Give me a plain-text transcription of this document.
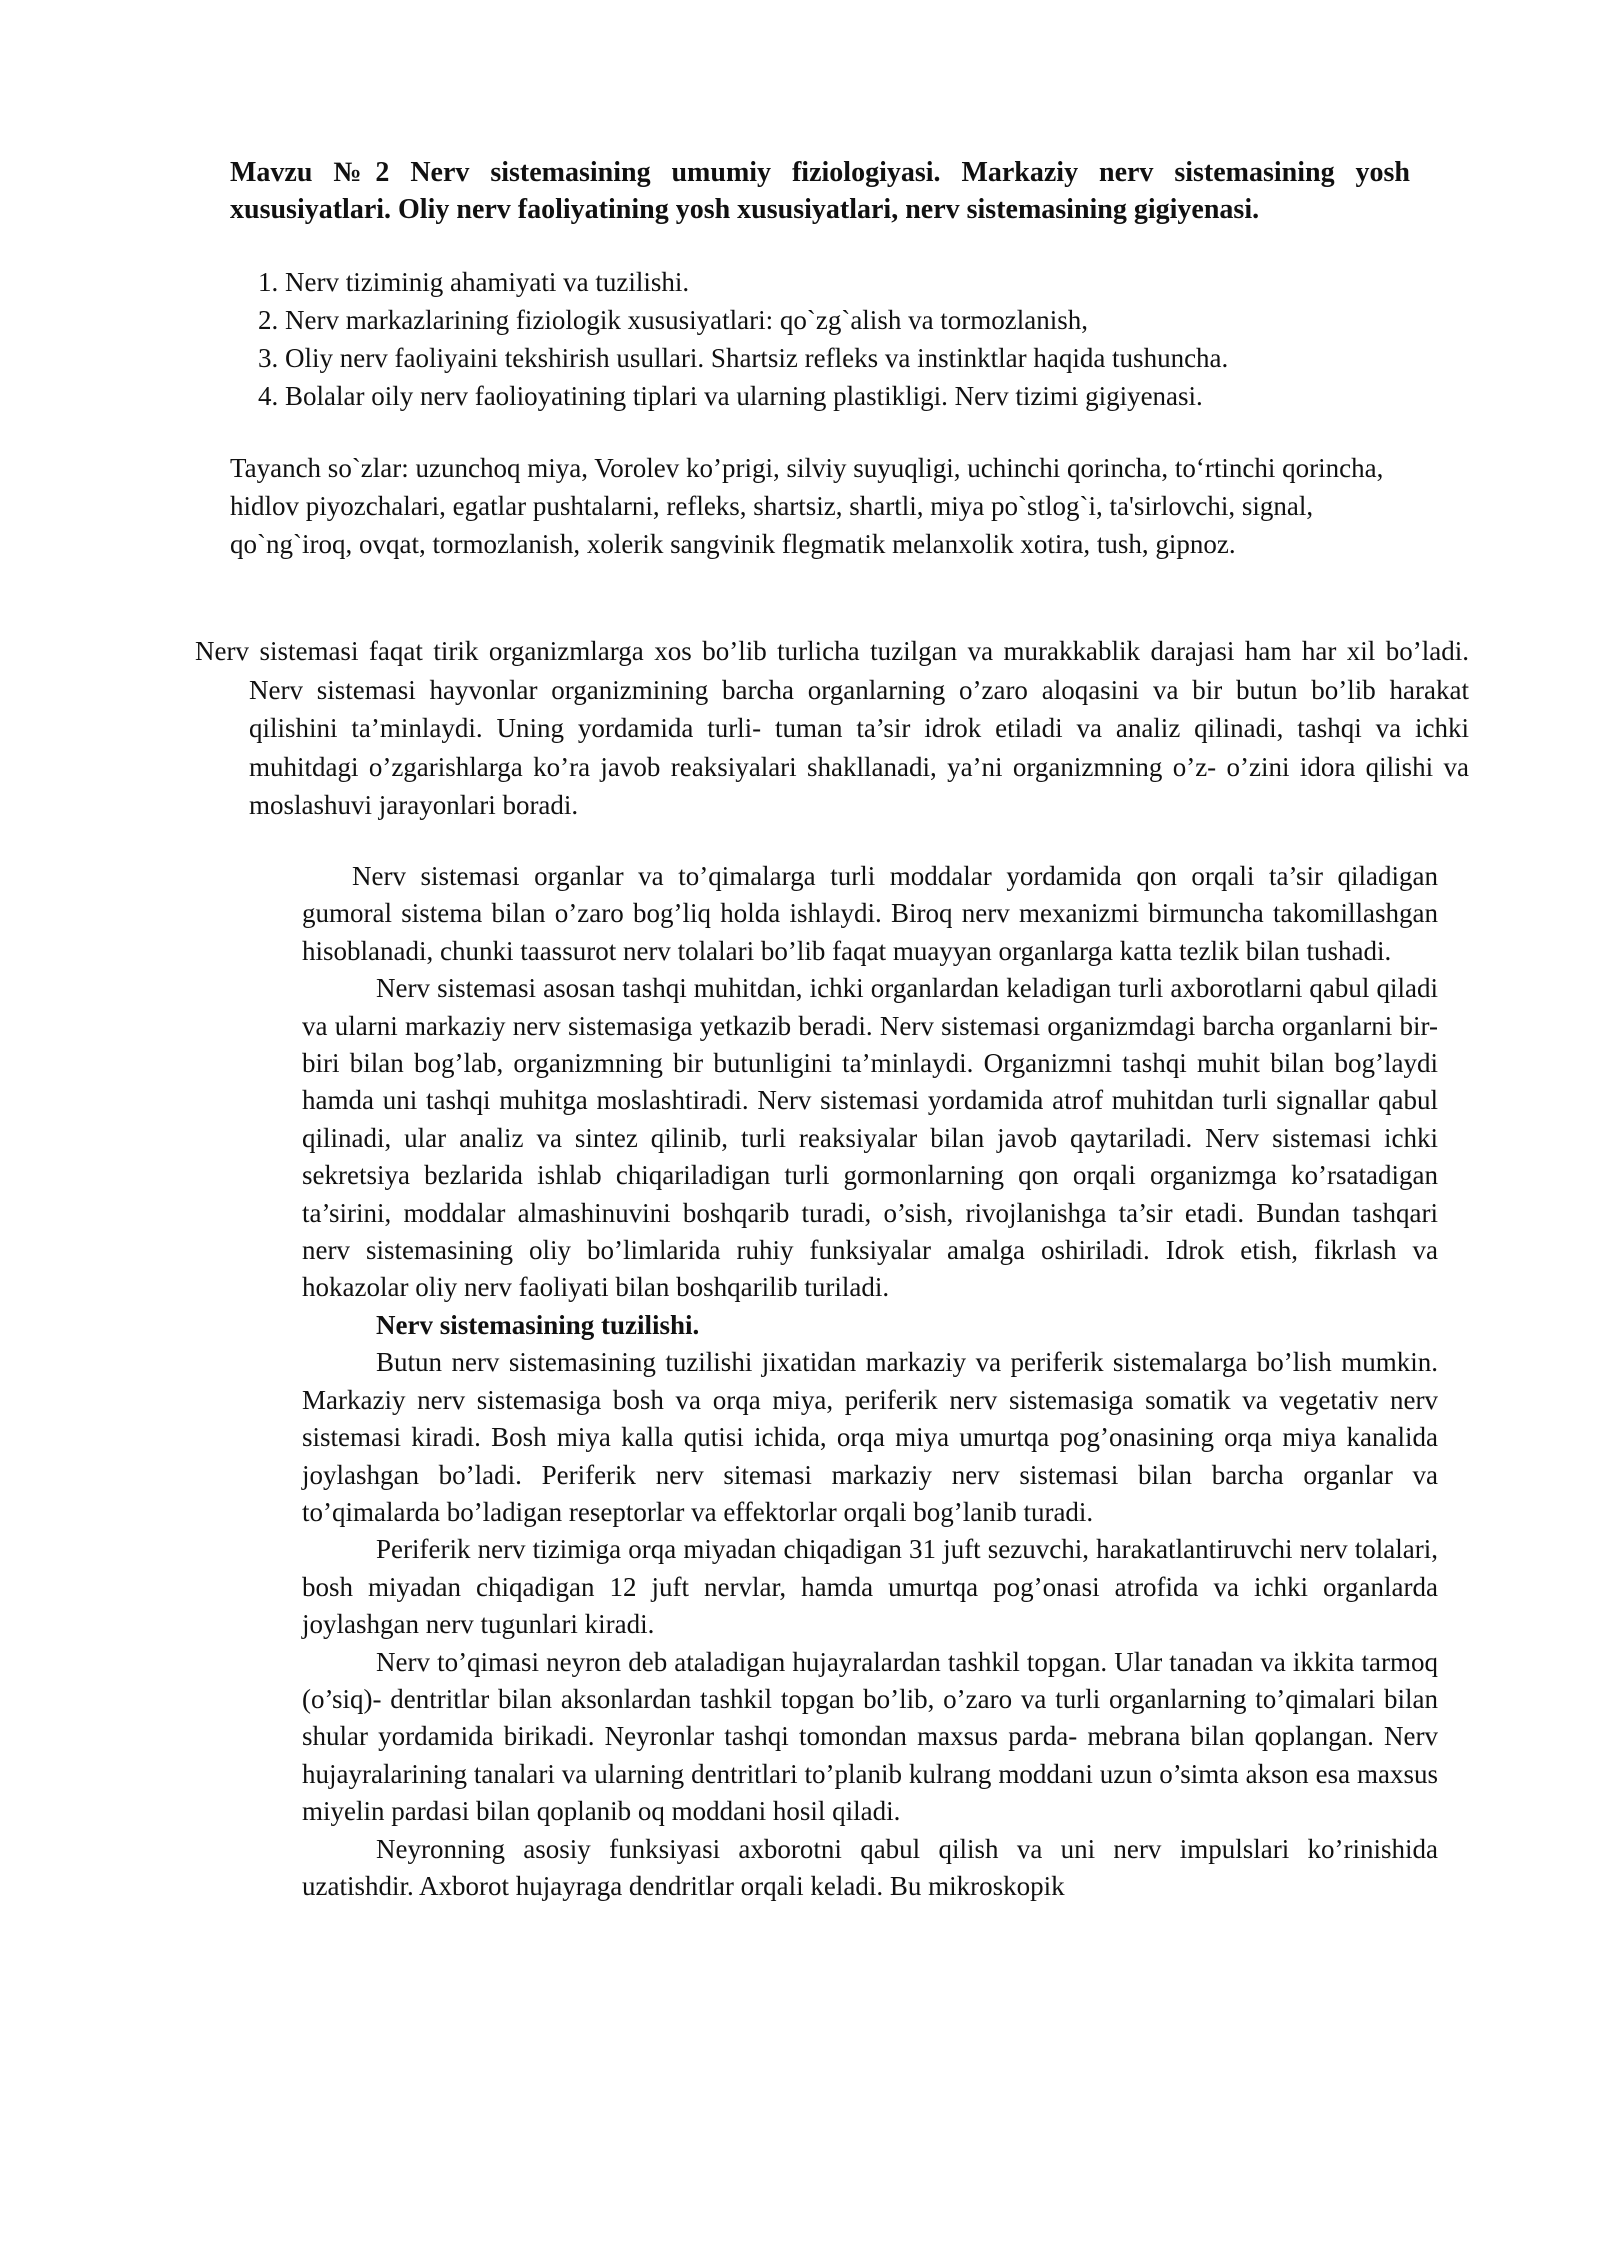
Mavzu №2 Nerv sistemasining umumiy fiziologiyasi. Markaziy nerv sistemasining yosh xususiyatlari. Oliy nerv faoliyatining yosh xususiyatlari, nerv sistemasining gigiyenasi.

1. Nerv tiziminig ahamiyati va tuzilishi.
2. Nerv markazlarining fiziologik xususiyatlari: qo`zg`alish va tormozlanish,
3. Oliy nerv faoliyaini tekshirish usullari. Shartsiz refleks va instinktlar haqida tushuncha.
4. Bolalar oily nerv faolioyatining tiplari va ularning plastikligi. Nerv tizimi gigiyenasi.

Tayanch so`zlar: uzunchoq miya, Vorolev ko’prigi, silviy suyuqligi, uchinchi qorincha, to‘rtinchi qorincha, hidlov piyozchalari, egatlar pushtalarni, refleks, shartsiz, shartli, miya po`stlog`i, ta'sirlovchi, signal, qo`ng`iroq, ovqat, tormozlanish, xolerik sangvinik flegmatik melanxolik xotira, tush, gipnoz.

Nerv sistemasi faqat tirik organizmlarga xos bo’lib turlicha tuzilgan va murakkablik darajasi ham har xil bo’ladi. Nerv sistemasi hayvonlar organizmining barcha organlarning o’zaro aloqasini va bir butun bo’lib harakat qilishini ta’minlaydi. Uning yordamida turli- tuman ta’sir idrok etiladi va analiz qilinadi, tashqi va ichki muhitdagi o’zgarishlarga ko’ra javob reaksiyalari shakllanadi, ya’ni organizmning o’z- o’zini idora qilishi va moslashuvi jarayonlari boradi.

Nerv sistemasi organlar va to’qimalarga turli moddalar yordamida qon orqali ta’sir qiladigan gumoral sistema bilan o’zaro bog’liq holda ishlaydi. Biroq nerv mexanizmi birmuncha takomillashgan hisoblanadi, chunki taassurot nerv tolalari bo’lib faqat muayyan organlarga katta tezlik bilan tushadi.

Nerv sistemasi asosan tashqi muhitdan, ichki organlardan keladigan turli axborotlarni qabul qiladi va ularni markaziy nerv sistemasiga yetkazib beradi. Nerv sistemasi organizmdagi barcha organlarni bir-biri bilan bog’lab, organizmning bir butunligini ta’minlaydi. Organizmni tashqi muhit bilan bog’laydi hamda uni tashqi muhitga moslashtiradi. Nerv sistemasi yordamida atrof muhitdan turli signallar qabul qilinadi, ular analiz va sintez qilinib, turli reaksiyalar bilan javob qaytariladi. Nerv sistemasi ichki sekretsiya bezlarida ishlab chiqariladigan turli gormonlarning qon orqali organizmga ko’rsatadigan ta’sirini, moddalar almashinuvini boshqarib turadi, o’sish, rivojlanishga ta’sir etadi. Bundan tashqari nerv sistemasining oliy bo’limlarida ruhiy funksiyalar amalga oshiriladi. Idrok etish, fikrlash va hokazolar oliy nerv faoliyati bilan boshqarilib turiladi.

Nerv sistemasining tuzilishi.

Butun nerv sistemasining tuzilishi jixatidan markaziy va periferik sistemalarga bo’lish mumkin. Markaziy nerv sistemasiga bosh va orqa miya, periferik nerv sistemasiga somatik va vegetativ nerv sistemasi kiradi. Bosh miya kalla qutisi ichida, orqa miya umurtqa pog’onasining orqa miya kanalida joylashgan bo’ladi. Periferik nerv sitemasi markaziy nerv sistemasi bilan barcha organlar va to’qimalarda bo’ladigan reseptorlar va effektorlar orqali bog’lanib turadi.

Periferik nerv tizimiga orqa miyadan chiqadigan 31 juft sezuvchi, harakatlantiruvchi nerv tolalari, bosh miyadan chiqadigan 12 juft nervlar, hamda umurtqa pog’onasi atrofida va ichki organlarda joylashgan nerv tugunlari kiradi.

Nerv to’qimasi neyron deb ataladigan hujayralardan tashkil topgan. Ular tanadan va ikkita tarmoq (o’siq)- dentritlar bilan aksonlardan tashkil topgan bo’lib, o’zaro va turli organlarning to’qimalari bilan shular yordamida birikadi. Neyronlar tashqi tomondan maxsus parda- mebrana bilan qoplangan. Nerv hujayralarining tanalari va ularning dentritlari to’planib kulrang moddani uzun o’simta akson esa maxsus miyelin pardasi bilan qoplanib oq moddani hosil qiladi.

Neyronning asosiy funksiyasi axborotni qabul qilish va uni nerv impulslari ko’rinishida uzatishdir. Axborot hujayraga dendritlar orqali keladi. Bu mikroskopik
